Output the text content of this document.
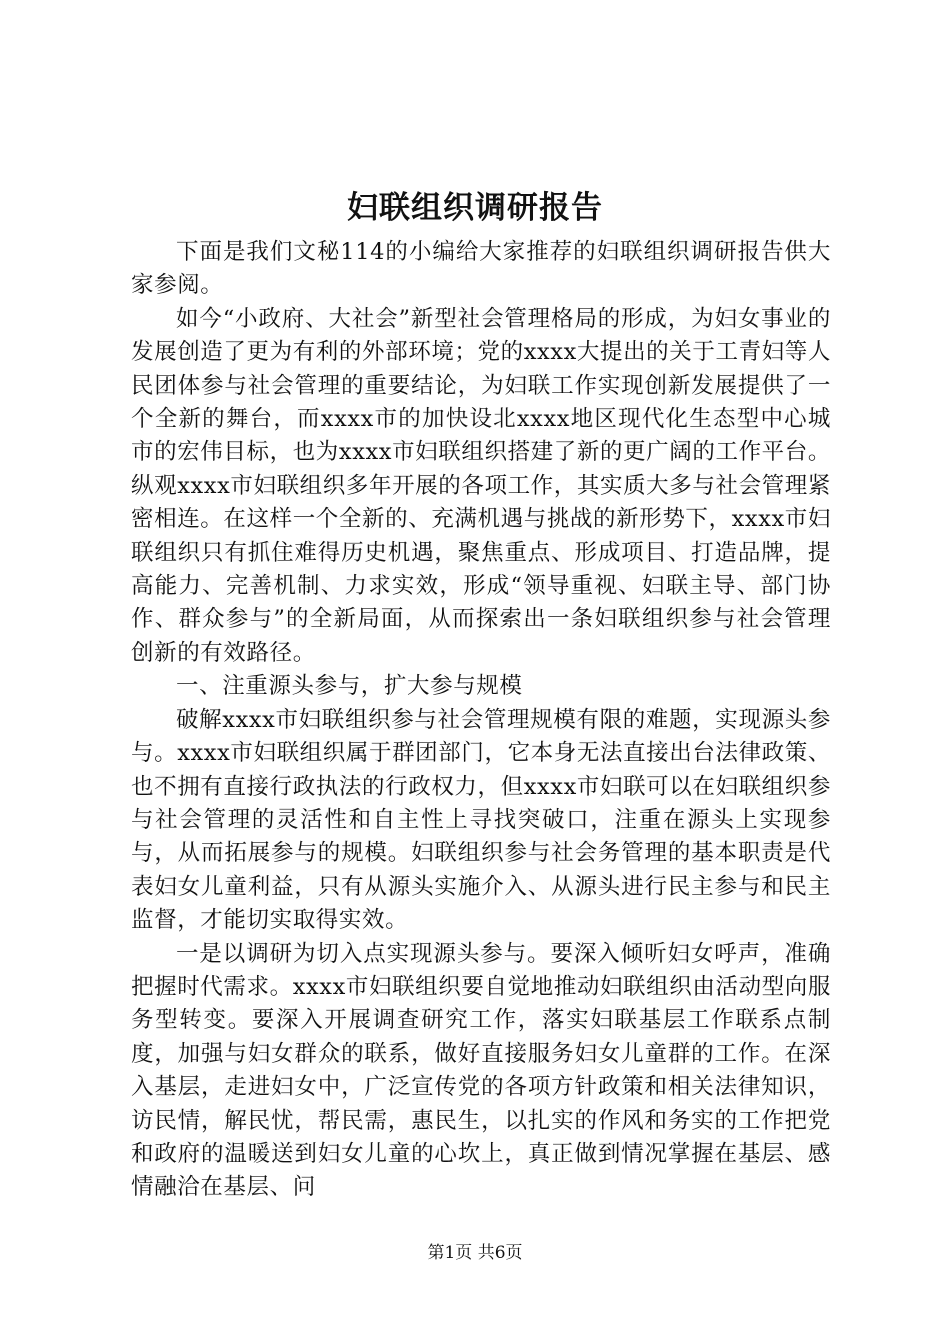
妇联组织调研报告

下面是我们文秘114的小编给大家推荐的妇联组织调研报告供大家参阅。

如今“小政府、大社会”新型社会管理格局的形成，为妇女事业的发展创造了更为有利的外部环境；党的xxxx大提出的关于工青妇等人民团体参与社会管理的重要结论，为妇联工作实现创新发展提供了一个全新的舞台，而xxxx市的加快设北xxxx地区现代化生态型中心城市的宏伟目标，也为xxxx市妇联组织搭建了新的更广阔的工作平台。纵观xxxx市妇联组织多年开展的各项工作，其实质大多与社会管理紧密相连。在这样一个全新的、充满机遇与挑战的新形势下，xxxx市妇联组织只有抓住难得历史机遇，聚焦重点、形成项目、打造品牌，提高能力、完善机制、力求实效，形成“领导重视、妇联主导、部门协作、群众参与”的全新局面，从而探索出一条妇联组织参与社会管理创新的有效路径。

一、注重源头参与，扩大参与规模

破解xxxx市妇联组织参与社会管理规模有限的难题，实现源头参与。xxxx市妇联组织属于群团部门，它本身无法直接出台法律政策、也不拥有直接行政执法的行政权力，但xxxx市妇联可以在妇联组织参与社会管理的灵活性和自主性上寻找突破口，注重在源头上实现参与，从而拓展参与的规模。妇联组织参与社会务管理的基本职责是代表妇女儿童利益，只有从源头实施介入、从源头进行民主参与和民主监督，才能切实取得实效。

一是以调研为切入点实现源头参与。要深入倾听妇女呼声，准确把握时代需求。xxxx市妇联组织要自觉地推动妇联组织由活动型向服务型转变。要深入开展调查研究工作，落实妇联基层工作联系点制度，加强与妇女群众的联系，做好直接服务妇女儿童群的工作。在深入基层，走进妇女中，广泛宣传党的各项方针政策和相关法律知识，访民情，解民忧，帮民需，惠民生，以扎实的作风和务实的工作把党和政府的温暖送到妇女儿童的心坎上，真正做到情况掌握在基层、感情融洽在基层、问

第1页 共6页
